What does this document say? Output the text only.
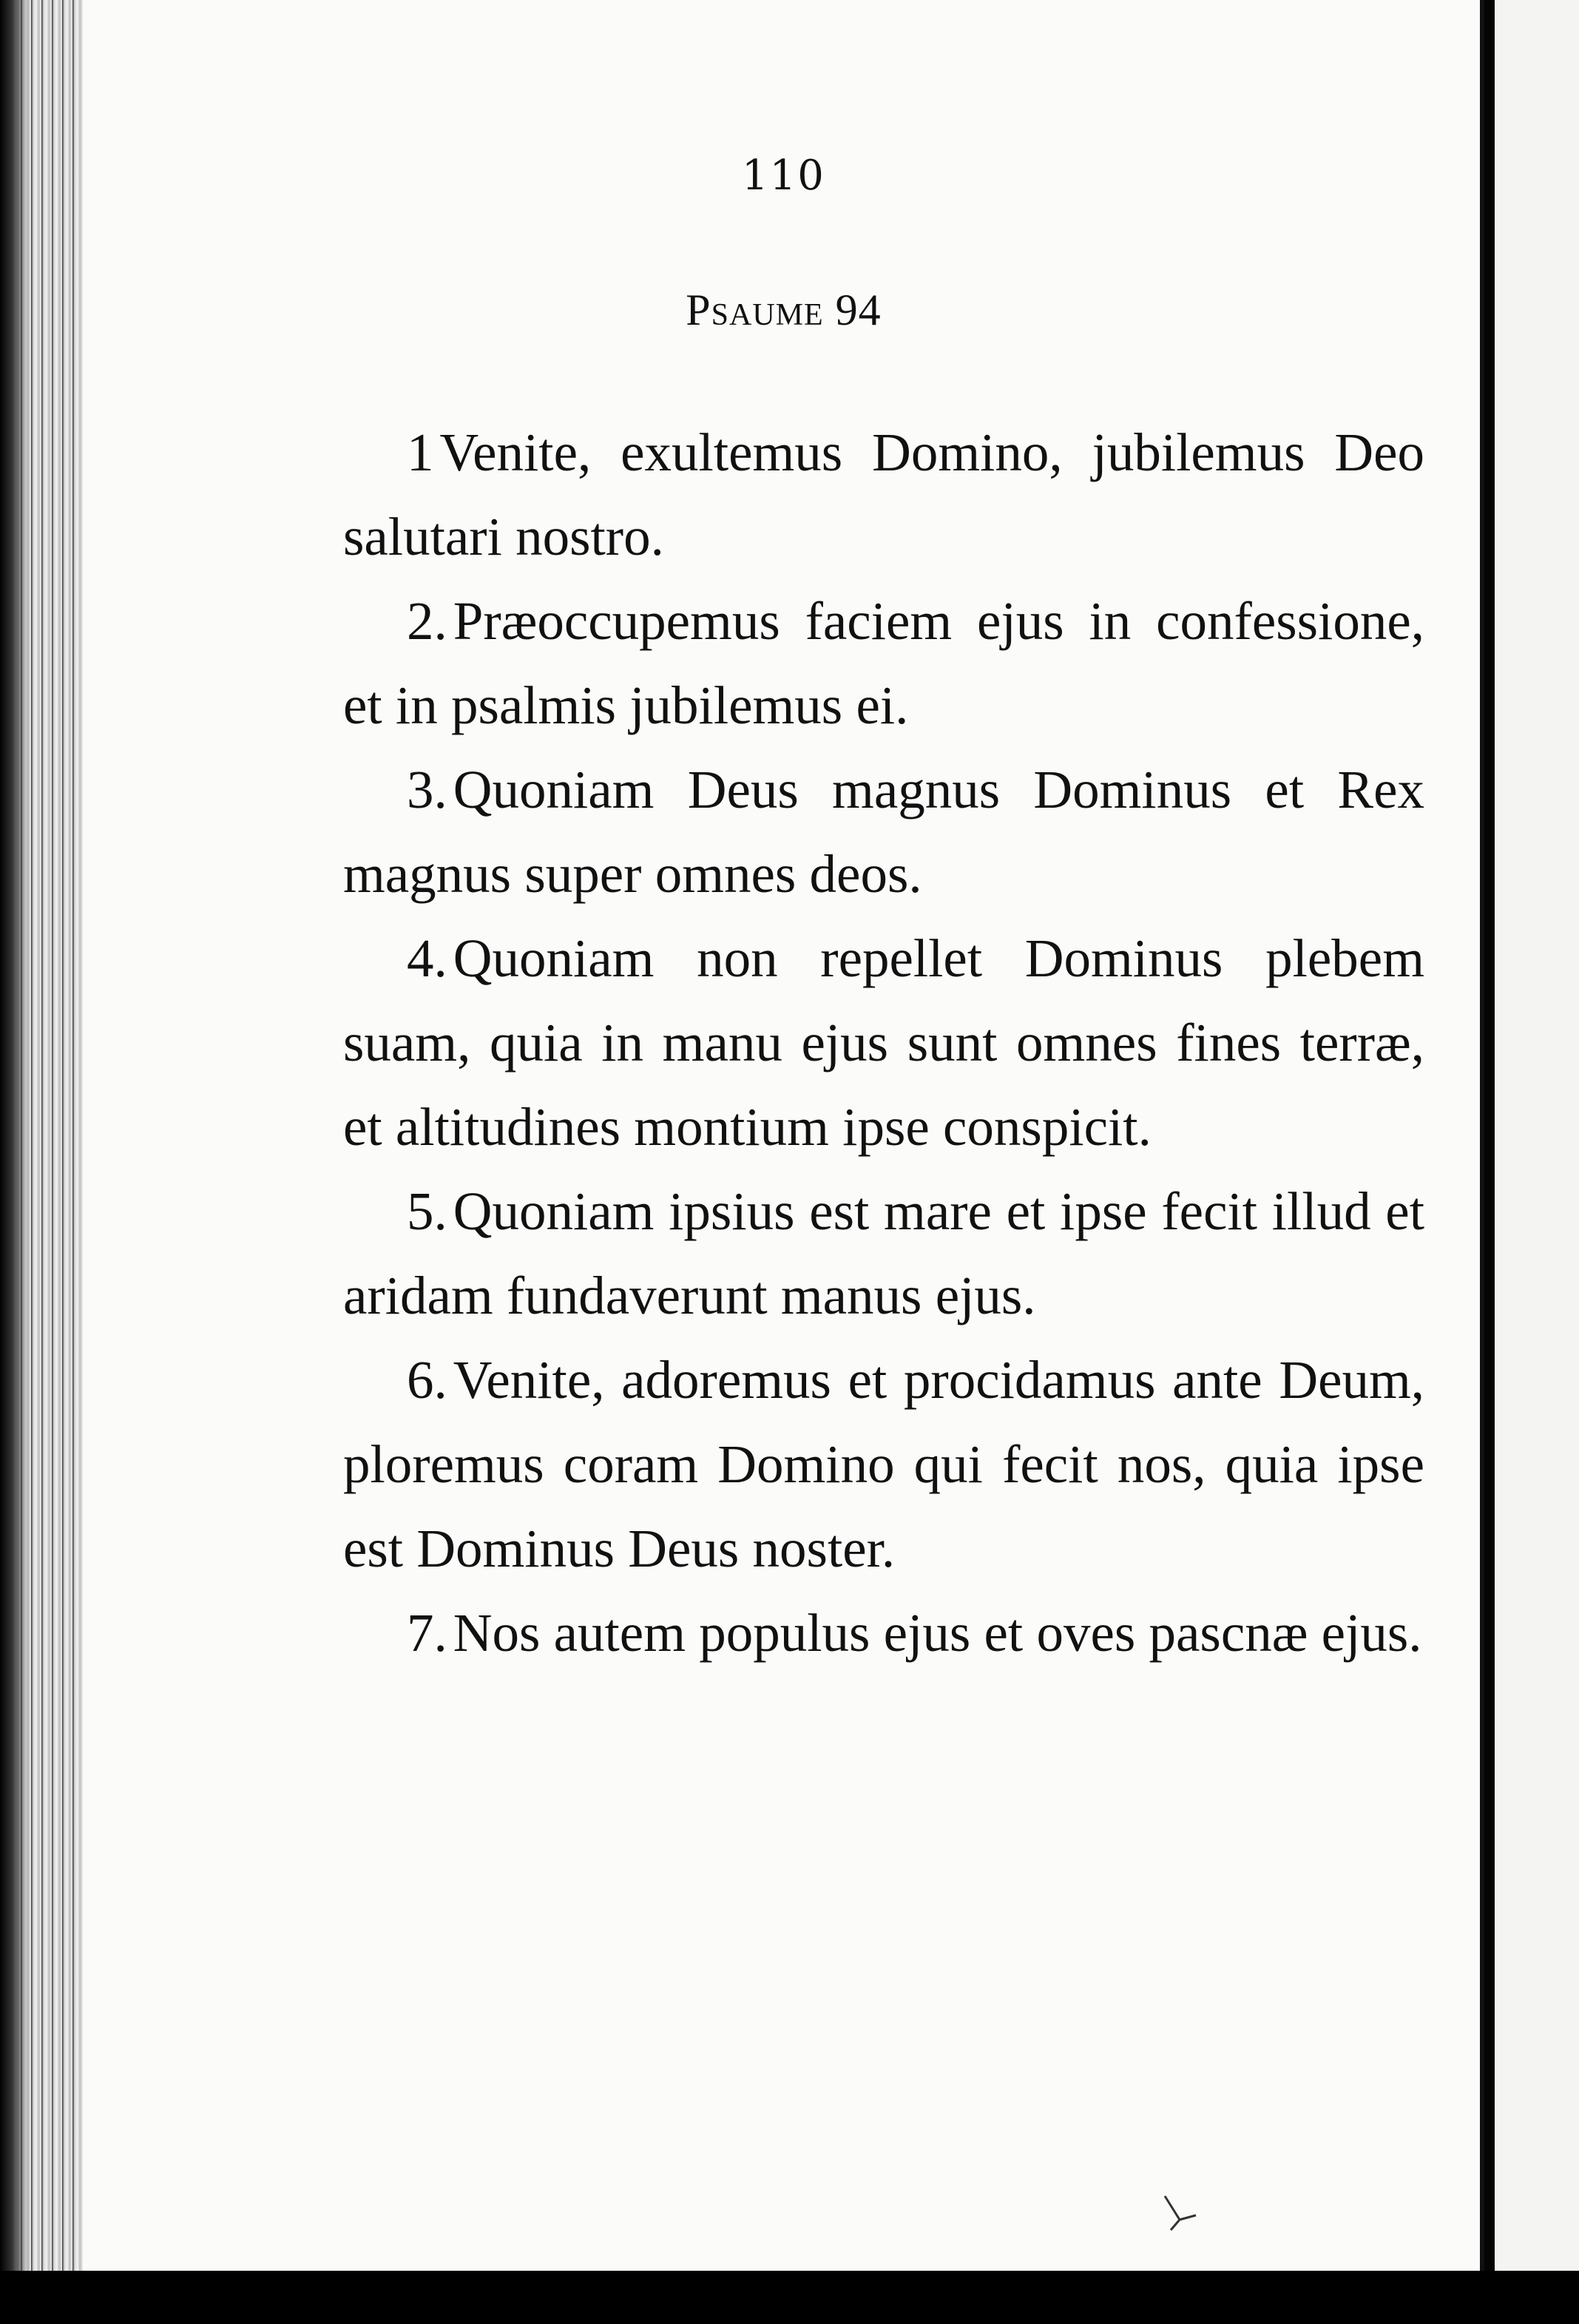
110
Psaume 94

1 Venite, exultemus Domino, jubilemus Deo salutari nostro.

2. Præoccupemus faciem ejus in confessione, et in psalmis jubilemus ei.

3. Quoniam Deus magnus Dominus et Rex magnus super omnes deos.

4. Quoniam non repellet Dominus plebem suam, quia in manu ejus sunt omnes fines terræ, et altitudines montium ipse conspicit.

5. Quoniam ipsius est mare et ipse fecit illud et aridam fundaverunt manus ejus.

6. Venite, adoremus et procidamus ante Deum, ploremus coram Domino qui fecit nos, quia ipse est Dominus Deus noster.

7. Nos autem populus ejus et oves pascnæ ejus.
